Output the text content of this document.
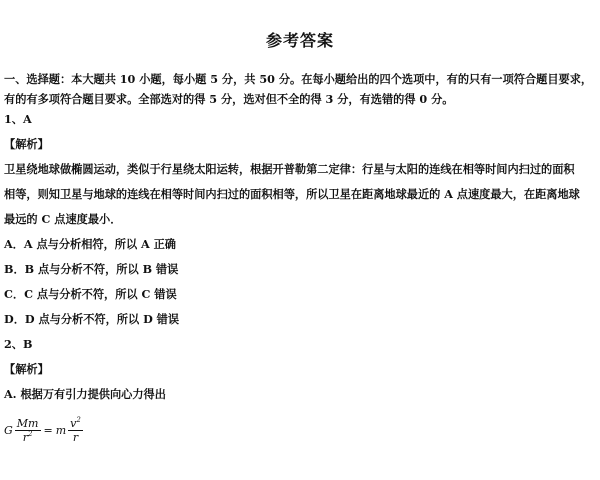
参考答案
一、选择题：本大题共 10 小题，每小题 5 分，共 50 分。在每小题给出的四个选项中，有的只有一项符合题目要求，
有的有多项符合题目要求。全部选对的得 5 分，选对但不全的得 3 分，有选错的得 0 分。
1、A
【解析】
卫星绕地球做椭圆运动，类似于行星绕太阳运转，根据开普勒第二定律：行星与太阳的连线在相等时间内扫过的面积
相等，则知卫星与地球的连线在相等时间内扫过的面积相等，所以卫星在距离地球最近的 A 点速度最大，在距离地球
最远的 C 点速度最小．
A．A 点与分析相符，所以 A 正确
B．B 点与分析不符，所以 B 错误
C．C 点与分析不符，所以 C 错误
D．D 点与分析不符，所以 D 错误
2、B
【解析】
A. 根据万有引力提供向心力得出
G $\frac{Mm}{r^2} = m \frac{v^2}{r}$
